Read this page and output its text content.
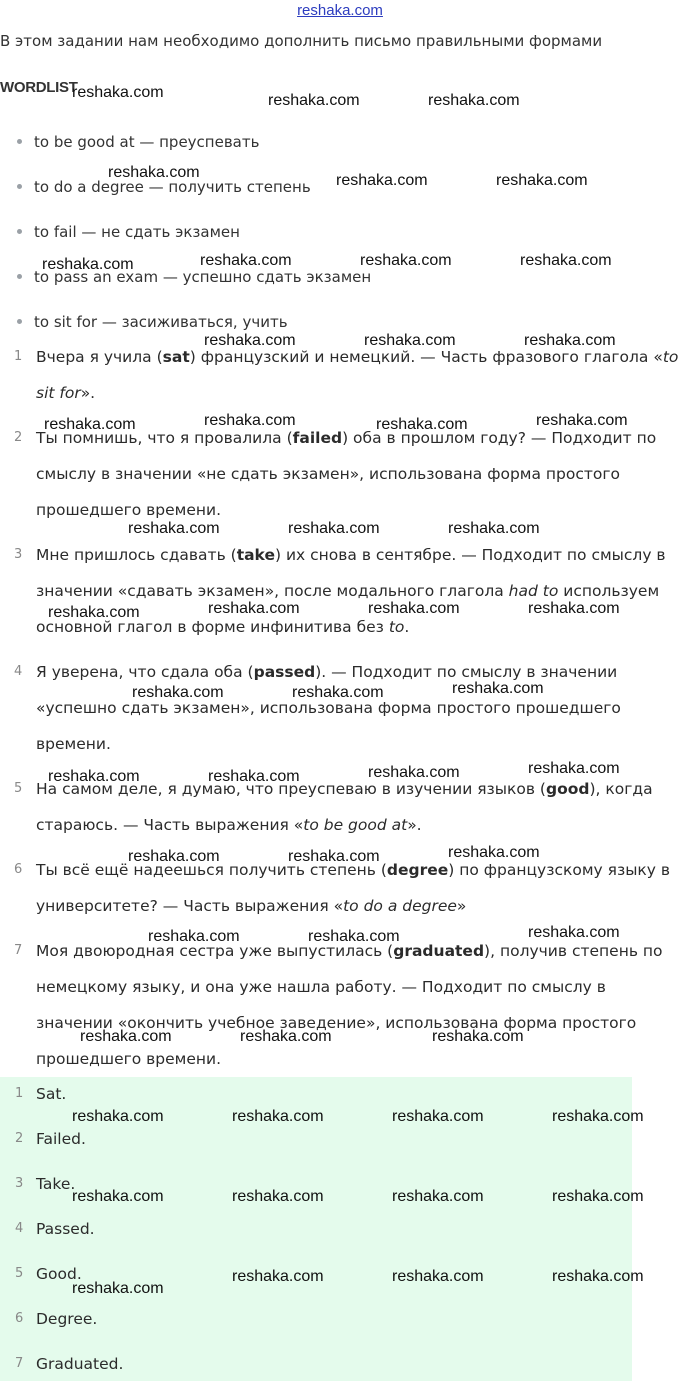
reshaka.com
В этом задании нам необходимо дополнить письмо правильными формами
WORDLIST
to be good at — преуспевать
to do a degree — получить степень
to fail — не сдать экзамен
to pass an exam — успешно сдать экзамен
to sit for — засиживаться, учить
1 Вчера я учила (sat) французский и немецкий. — Часть фразового глагола «to sit for».
2 Ты помнишь, что я провалила (failed) оба в прошлом году? — Подходит по смыслу в значении «не сдать экзамен», использована форма простого прошедшего времени.
3 Мне пришлось сдавать (take) их снова в сентябре. — Подходит по смыслу в значении «сдавать экзамен», после модального глагола had to используем основной глагол в форме инфинитива без to.
4 Я уверена, что сдала оба (passed). — Подходит по смыслу в значении «успешно сдать экзамен», использована форма простого прошедшего времени.
5 На самом деле, я думаю, что преуспеваю в изучении языков (good), когда стараюсь. — Часть выражения «to be good at».
6 Ты всё ещё надеешься получить степень (degree) по французскому языку в университете? — Часть выражения «to do a degree»
7 Моя двоюродная сестра уже выпустилась (graduated), получив степень по немецкому языку, и она уже нашла работу. — Подходит по смыслу в значении «окончить учебное заведение», использована форма простого прошедшего времени.
1 Sat.
2 Failed.
3 Take.
4 Passed.
5 Good.
6 Degree.
7 Graduated.
reshaka.com	reshaka.com	reshaka.com
reshaka.com	reshaka.com	reshaka.com
reshaka.com	reshaka.com	reshaka.com	reshaka.com
reshaka.com	reshaka.com	reshaka.com
reshaka.com	reshaka.com	reshaka.com	reshaka.com
reshaka.com	reshaka.com	reshaka.com
reshaka.com	reshaka.com	reshaka.com	reshaka.com
reshaka.com	reshaka.com	reshaka.com
reshaka.com	reshaka.com	reshaka.com	reshaka.com
reshaka.com	reshaka.com	reshaka.com
reshaka.com	reshaka.com	reshaka.com
reshaka.com	reshaka.com	reshaka.com
reshaka.com	reshaka.com	reshaka.com	reshaka.com
reshaka.com	reshaka.com	reshaka.com	reshaka.com
reshaka.com	reshaka.com	reshaka.com
reshaka.com
